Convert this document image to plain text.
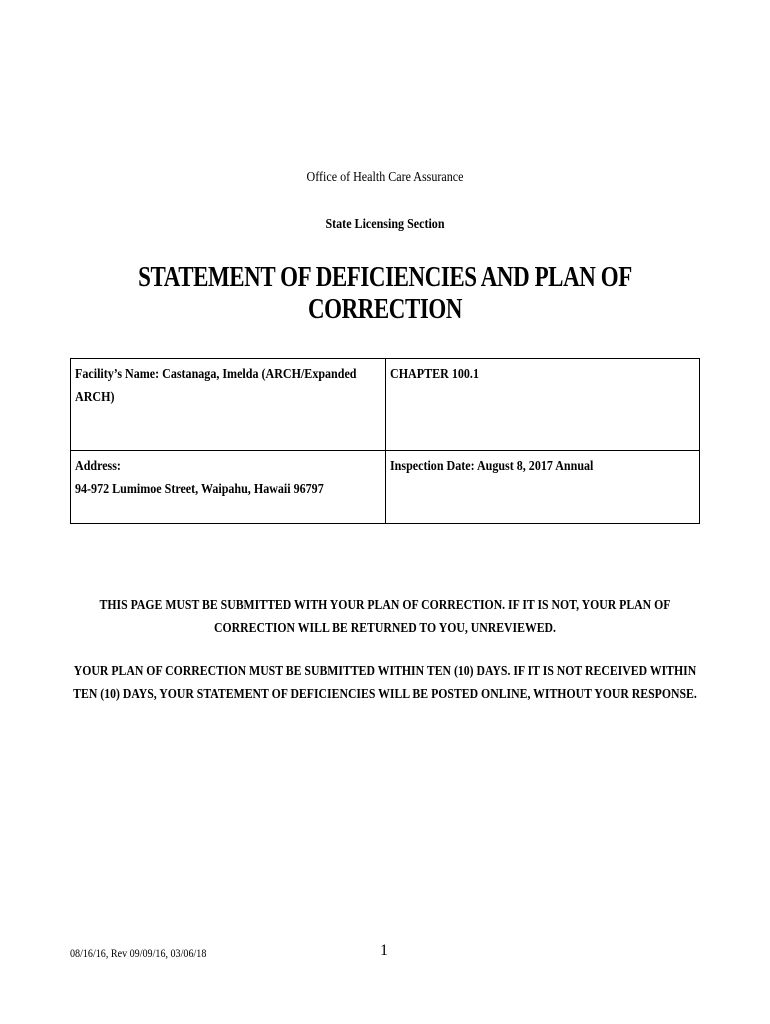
Office of Health Care Assurance
State Licensing Section
STATEMENT OF DEFICIENCIES AND PLAN OF CORRECTION
Facility’s Name: Castanaga, Imelda (ARCH/Expanded
ARCH)
CHAPTER 100.1
Address:
94-972 Lumimoe Street, Waipahu, Hawaii 96797
Inspection Date: August 8, 2017 Annual
THIS PAGE MUST BE SUBMITTED WITH YOUR PLAN OF CORRECTION. IF IT IS NOT, YOUR PLAN OF
CORRECTION WILL BE RETURNED TO YOU, UNREVIEWED.
YOUR PLAN OF CORRECTION MUST BE SUBMITTED WITHIN TEN (10) DAYS. IF IT IS NOT RECEIVED WITHIN
TEN (10) DAYS, YOUR STATEMENT OF DEFICIENCIES WILL BE POSTED ONLINE, WITHOUT YOUR RESPONSE.
08/16/16, Rev 09/09/16, 03/06/18	1
